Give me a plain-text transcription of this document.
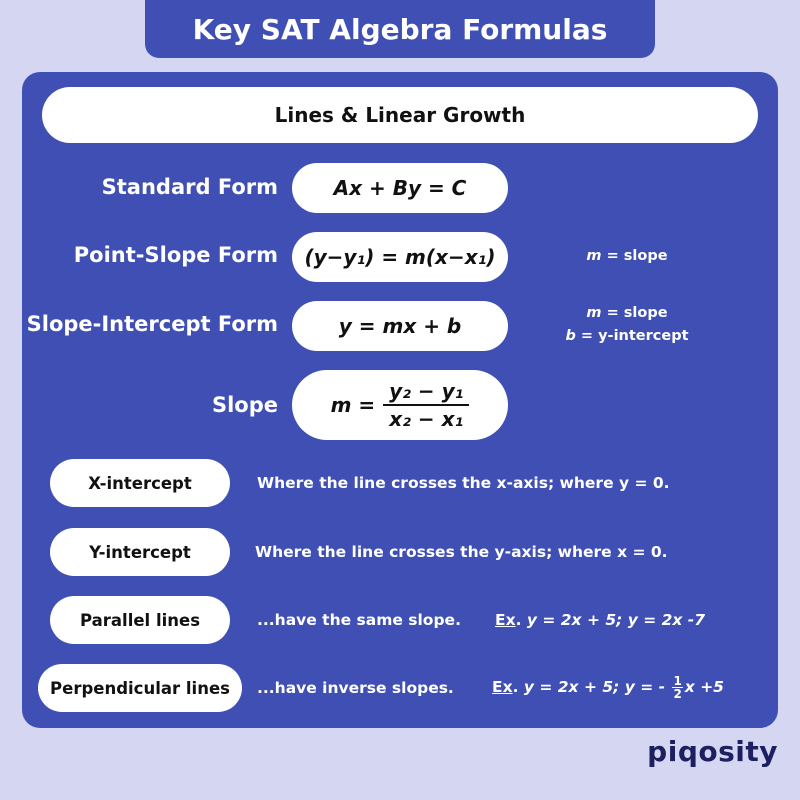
Key SAT Algebra Formulas
Lines & Linear Growth
Standard Form	Ax + By = C
Point-Slope Form	(y−y₁) = m(x−x₁)	m = slope
Slope-Intercept Form	y = mx + b
m = slope
b = y-intercept
Slope	$m = \frac{\text{y₂ − y₁}}{\text{x₂ − x₁}}$
X-intercept	Where the line crosses the x-axis; where y = 0.
Y-intercept	Where the line crosses the y-axis; where x = 0.
Parallel lines	...have the same slope. Ex. y = 2x + 5; y = 2x -7
Perpendicular lines	...have inverse slopes. Ex. y = 2x + 5; y = - $\frac{1}{2}$ x +5
piqosity
